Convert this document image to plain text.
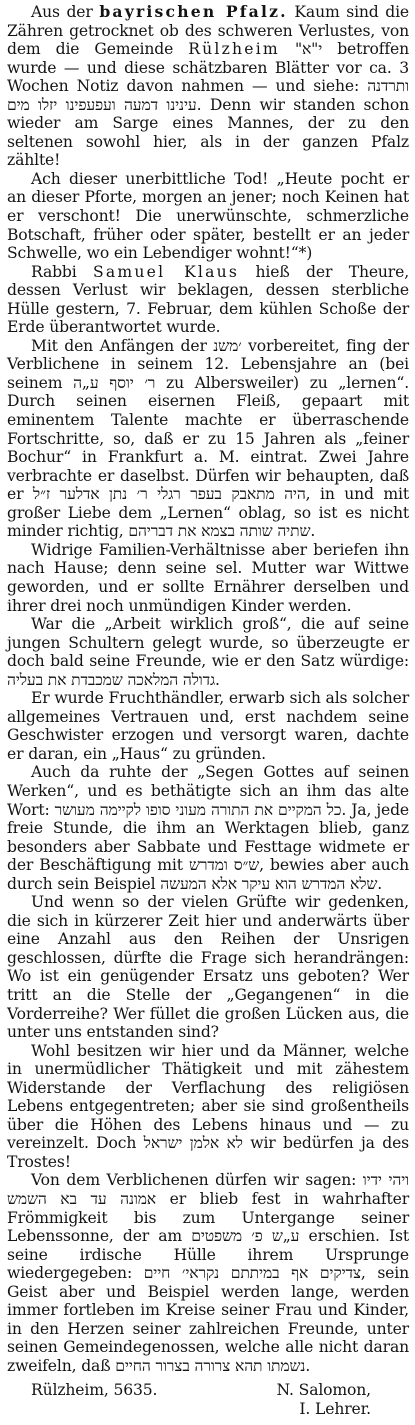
Aus der bayrischen Pfalz. Kaum sind die Zähren getrocknet ob des schweren Verlustes, von dem die Gemeinde Rülzheim "י"א betroffen wurde — und diese schätzbaren Blätter vor ca. 3 Wochen Notiz davon nahmen — und siehe: ותרדנה עינינו דמעה ועפעפינו יזלו מים. Denn wir standen schon wieder am Sarge eines Mannes, der zu den seltenen sowohl hier, als in der ganzen Pfalz zählte!

Ach dieser unerbittliche Tod! „Heute pocht er an dieser Pforte, morgen an jener; noch Keinen hat er verschont! Die unerwünschte, schmerzliche Botschaft, früher oder später, bestellt er an jeder Schwelle, wo ein Lebendiger wohnt!“*)

Rabbi Samuel Klaus hieß der Theure, dessen Verlust wir beklagen, dessen sterbliche Hülle gestern, 7. Februar, dem kühlen Schoße der Erde überantwortet wurde.

Mit den Anfängen der ׳משנ vorbereitet, fing der Verblichene in seinem 12. Lebensjahre an (bei seinem ר׳ יוסף ע„ה zu Albersweiler) zu „lernen“. Durch seinen eisernen Fleiß, gepaart mit eminentem Talente machte er überraschende Fortschritte, so, daß er zu 15 Jahren als „feiner Bochur“ in Frankfurt a. M. eintrat. Zwei Jahre verbrachte er daselbst. Dürfen wir behaupten, daß er היה מתאבק בעפר רגלי ר׳ נתן אדלער ז״ל, in und mit großer Liebe dem „Lernen“ oblag, so ist es nicht minder richtig, שתיה שותה בצמא את דבריהם.

Widrige Familien-Verhältnisse aber beriefen ihn nach Hause; denn seine sel. Mutter war Wittwe geworden, und er sollte Ernährer derselben und ihrer drei noch unmündigen Kinder werden.

War die „Arbeit wirklich groß“, die auf seine jungen Schultern gelegt wurde, so überzeugte er doch bald seine Freunde, wie er den Satz würdige: גדולה המלאכה שמכבדת את בעליה.

Er wurde Fruchthändler, erwarb sich als solcher allgemeines Vertrauen und, erst nachdem seine Geschwister erzogen und versorgt waren, dachte er daran, ein „Haus“ zu gründen.

Auch da ruhte der „Segen Gottes auf seinen Werken“, und es bethätigte sich an ihm das alte Wort: כל המקיים את התורה מעוני סופו לקיימה מעושר. Ja, jede freie Stunde, die ihm an Werktagen blieb, ganz besonders aber Sabbate und Festtage widmete er der Beschäftigung mit ש״ס ומדרש, bewies aber auch durch sein Beispiel שלא המדרש הוא עיקר אלא המעשה.

Und wenn so der vielen Grüfte wir gedenken, die sich in kürzerer Zeit hier und anderwärts über eine Anzahl aus den Reihen der Unsrigen geschlossen, dürfte die Frage sich herandrängen: Wo ist ein genügender Ersatz uns geboten? Wer tritt an die Stelle der „Gegangenen“ in die Vorderreihe? Wer füllet die großen Lücken aus, die unter uns entstanden sind?

Wohl besitzen wir hier und da Männer, welche in unermüdlicher Thätigkeit und mit zähestem Widerstande der Verflachung des religiösen Lebens entgegentreten; aber sie sind großentheils über die Höhen des Lebens hinaus und — zu vereinzelt. Doch לא אלמן ישראל wir bedürfen ja des Trostes!

Von dem Verblichenen dürfen wir sagen: ויהי ידיו אמונה עד בא השמש er blieb fest in wahrhafter Frömmigkeit bis zum Untergange seiner Lebenssonne, der am ע„ש פ׳ משפטים erschien. Ist seine irdische Hülle ihrem Ursprunge wiedergegeben: צדיקים אף במיתתם נקראי׳ חיים, sein Geist aber und Beispiel werden lange, werden immer fortleben im Kreise seiner Frau und Kinder, in den Herzen seiner zahlreichen Freunde, unter seinen Gemeindegenossen, welche alle nicht daran zweifeln, daß נשמתו תהא צרורה בצרור החיים.

Rülzheim, 5635.	N. Salomon,
I. Lehrer.
